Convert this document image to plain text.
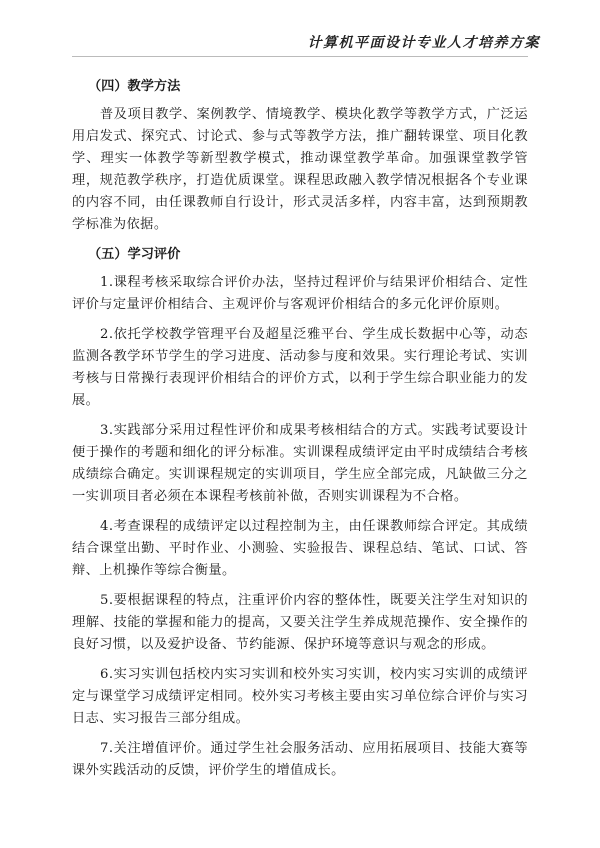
计算机平面设计专业人才培养方案

（四）教学方法

普及项目教学、案例教学、情境教学、模块化教学等教学方式，广泛运用启发式、探究式、讨论式、参与式等教学方法，推广翻转课堂、项目化教学、理实一体教学等新型教学模式，推动课堂教学革命。加强课堂教学管理，规范教学秩序，打造优质课堂。课程思政融入教学情况根据各个专业课的内容不同，由任课教师自行设计，形式灵活多样，内容丰富，达到预期教学标准为依据。

（五）学习评价

1.课程考核采取综合评价办法，坚持过程评价与结果评价相结合、定性评价与定量评价相结合、主观评价与客观评价相结合的多元化评价原则。

2.依托学校教学管理平台及超星泛雅平台、学生成长数据中心等，动态监测各教学环节学生的学习进度、活动参与度和效果。实行理论考试、实训考核与日常操行表现评价相结合的评价方式，以利于学生综合职业能力的发展。

3.实践部分采用过程性评价和成果考核相结合的方式。实践考试要设计便于操作的考题和细化的评分标准。实训课程成绩评定由平时成绩结合考核成绩综合确定。实训课程规定的实训项目，学生应全部完成，凡缺做三分之一实训项目者必须在本课程考核前补做，否则实训课程为不合格。

4.考查课程的成绩评定以过程控制为主，由任课教师综合评定。其成绩结合课堂出勤、平时作业、小测验、实验报告、课程总结、笔试、口试、答辩、上机操作等综合衡量。

5.要根据课程的特点，注重评价内容的整体性，既要关注学生对知识的理解、技能的掌握和能力的提高，又要关注学生养成规范操作、安全操作的良好习惯，以及爱护设备、节约能源、保护环境等意识与观念的形成。

6.实习实训包括校内实习实训和校外实习实训，校内实习实训的成绩评定与课堂学习成绩评定相同。校外实习考核主要由实习单位综合评价与实习日志、实习报告三部分组成。

7.关注增值评价。通过学生社会服务活动、应用拓展项目、技能大赛等课外实践活动的反馈，评价学生的增值成长。
